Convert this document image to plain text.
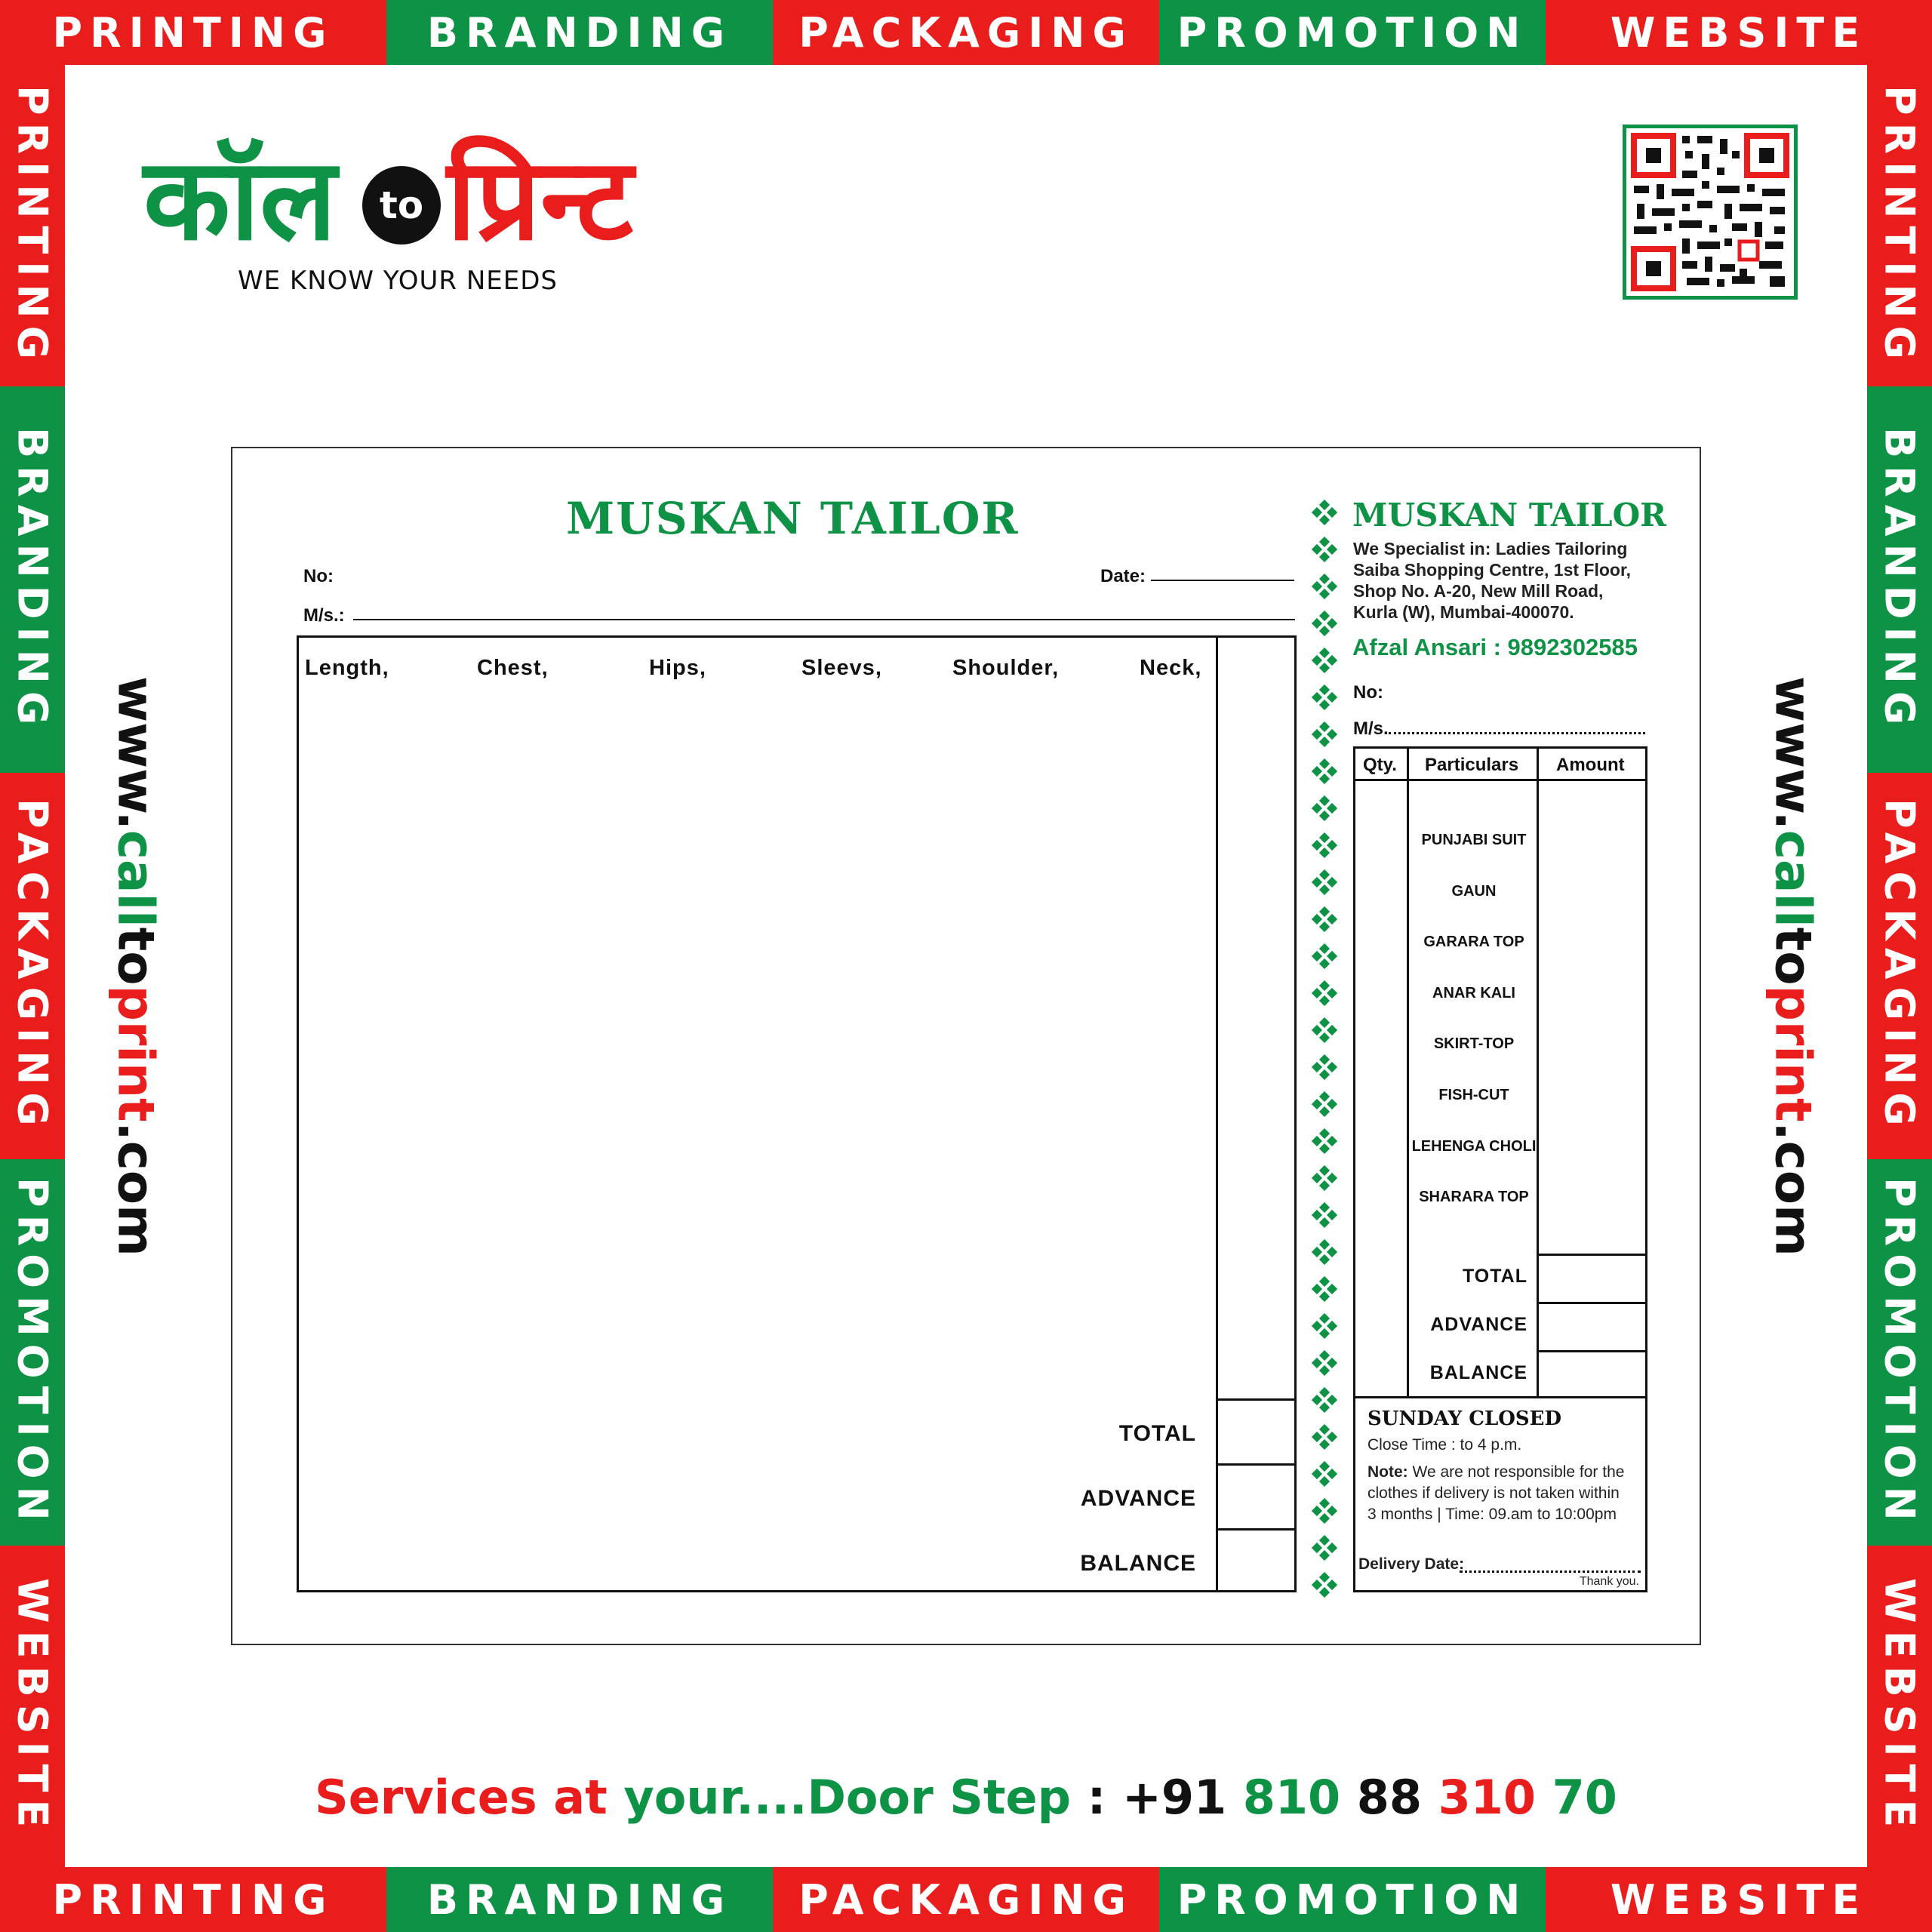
PRINTING	BRANDING	PACKAGING	PROMOTION	WEBSITE
PRINTING	BRANDING	PACKAGING	PROMOTION	WEBSITE
PRINTING
BRANDING
PACKAGING
PROMOTION
WEBSITE
PRINTING
BRANDING
PACKAGING
PROMOTION
WEBSITE
कॉल	to प्रिन्ट
WE KNOW YOUR NEEDS
www.calltoprint.com
www.calltoprint.com
MUSKAN TAILOR
No:	Date:
M/s.:
Length,	Chest,	Hips,	Sleevs,	Shoulder,	Neck,
TOTAL
ADVANCE
BALANCE
MUSKAN TAILOR
We Specialist in: Ladies Tailoring
Saiba Shopping Centre, 1st Floor,
Shop No. A-20, New Mill Road,
Kurla (W), Mumbai-400070.
Afzal Ansari : 9892302585
No:
M/s.
Qty. Particulars Amount
PUNJABI SUIT
GAUN
GARARA TOP
ANAR KALI
SKIRT-TOP
FISH-CUT
LEHENGA CHOLI
SHARARA TOP
TOTAL
ADVANCE
BALANCE
SUNDAY CLOSED
Close Time : to 4 p.m.
Note: We are not responsible for the
clothes if delivery is not taken within
3 months | Time: 09.am to 10:00pm
Delivery Date:
Thank you.
Services at your....Door Step : +91 810 88 310 70
